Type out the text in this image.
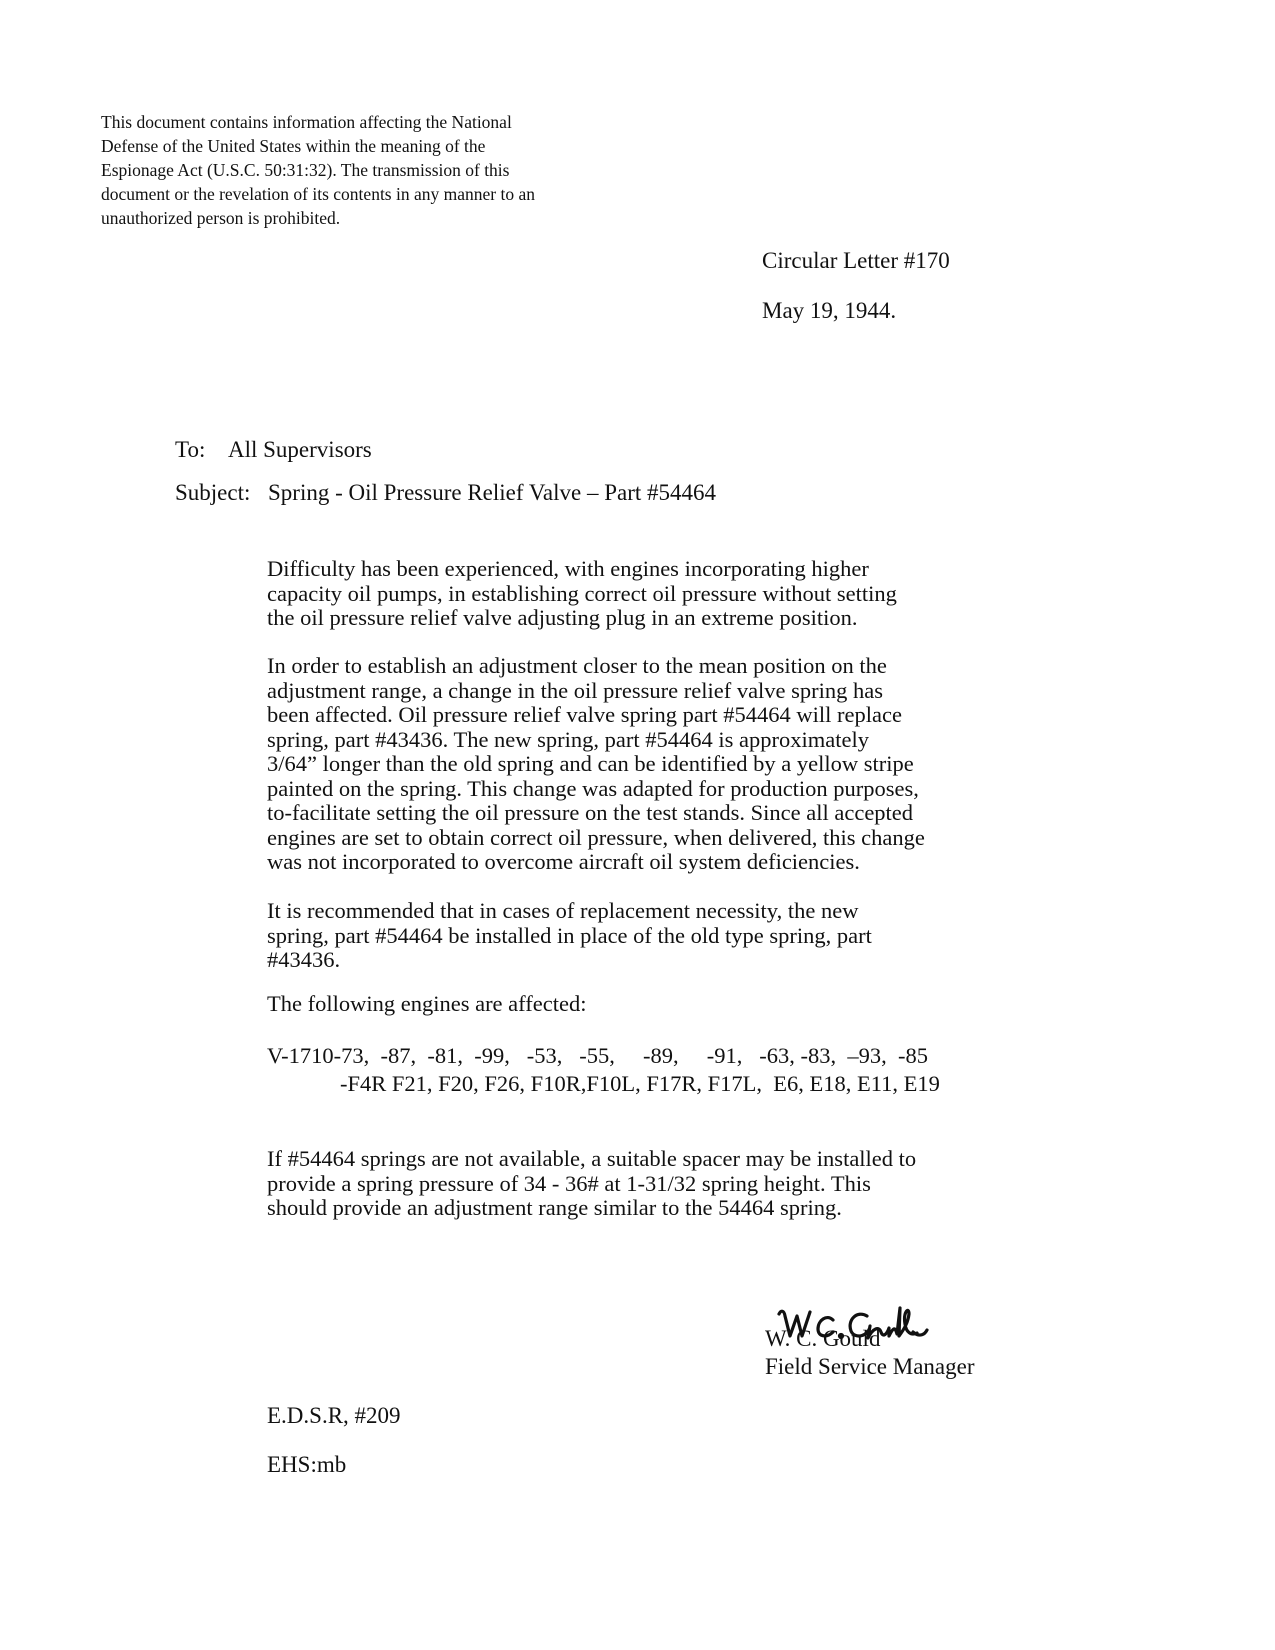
This document contains information affecting the National
Defense of the United States within the meaning of the
Espionage Act (U.S.C. 50:31:32). The transmission of this
document or the revelation of its contents in any manner to an
unauthorized person is prohibited.
Circular Letter #170
May 19, 1944.
To: All Supervisors
Subject: Spring - Oil Pressure Relief Valve – Part #54464
Difficulty has been experienced, with engines incorporating higher
capacity oil pumps, in establishing correct oil pressure without setting
the oil pressure relief valve adjusting plug in an extreme position.
In order to establish an adjustment closer to the mean position on the
adjustment range, a change in the oil pressure relief valve spring has
been affected. Oil pressure relief valve spring part #54464 will replace
spring, part #43436. The new spring, part #54464 is approximately
3/64” longer than the old spring and can be identified by a yellow stripe
painted on the spring. This change was adapted for production purposes,
to-facilitate setting the oil pressure on the test stands. Since all accepted
engines are set to obtain correct oil pressure, when delivered, this change
was not incorporated to overcome aircraft oil system deficiencies.
It is recommended that in cases of replacement necessity, the new
spring, part #54464 be installed in place of the old type spring, part
#43436.
The following engines are affected:
V-1710-73,  -87,  -81,  -99,   -53,   -55,     -89,     -91,   -63, -83,  –93,  -85
-F4R F21, F20, F26, F10R,F10L, F17R, F17L,  E6, E18, E11, E19
If #54464 springs are not available, a suitable spacer may be installed to
provide a spring pressure of 34 - 36# at 1-31/32 spring height. This
should provide an adjustment range similar to the 54464 spring.
W. C. Gould
Field Service Manager
E.D.S.R, #209
EHS:mb
